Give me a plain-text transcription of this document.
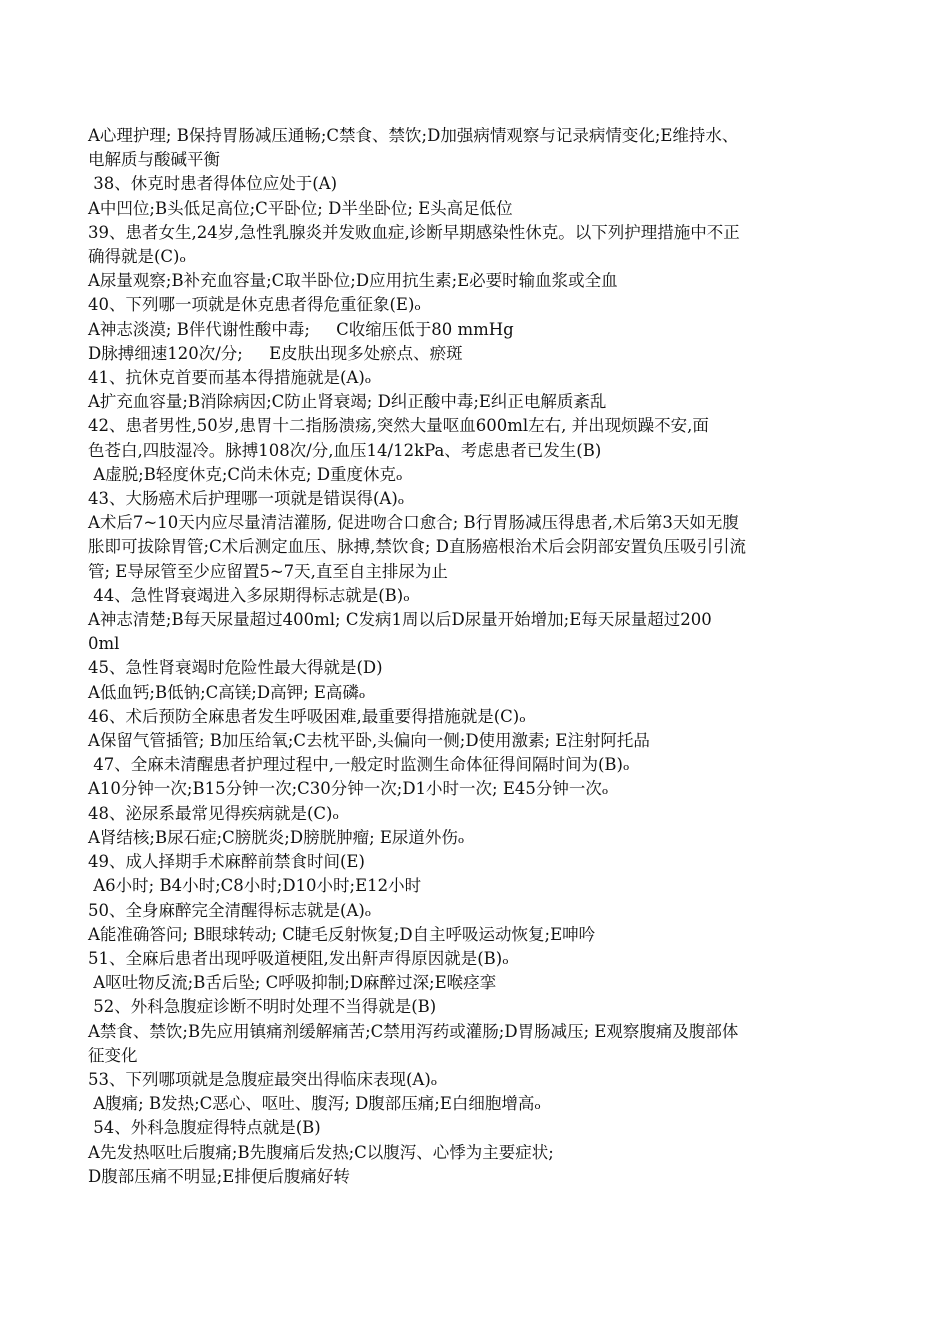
A心理护理; B保持胃肠减压通畅;C禁食、禁饮;D加强病情观察与记录病情变化;E维持水、
电解质与酸碱平衡
38、休克时患者得体位应处于(A)
A中凹位;B头低足高位;C平卧位; D半坐卧位; E头高足低位
39、患者女生,24岁,急性乳腺炎并发败血症,诊断早期感染性休克。以下列护理措施中不正
确得就是(C)ₒ
A尿量观察;B补充血容量;C取半卧位;D应用抗生素;E必要时输血浆或全血
40、下列哪一项就是休克患者得危重征象(E)ₒ
A神志淡漠; B伴代谢性酸中毒;     C收缩压低于80 mmHg
D脉搏细速120次/分;     E皮肤出现多处瘀点、瘀斑
41、抗休克首要而基本得措施就是(A)ₒ
A扩充血容量;B消除病因;C防止肾衰竭; D纠正酸中毒;E纠正电解质紊乱
42、患者男性,50岁,患胃十二指肠溃疡,突然大量呕血600ml左右, 并出现烦躁不安,面
色苍白,四肢湿冷。脉搏108次/分,血压14/12kPa、考虑患者已发生(B)
A虚脱;B轻度休克;C尚未休克; D重度休克ₒ
43、大肠癌术后护理哪一项就是错误得(A)ₒ
A术后7~10天内应尽量清洁灌肠, 促进吻合口愈合; B行胃肠减压得患者,术后第3天如无腹
胀即可拔除胃管;C术后测定血压、脉搏,禁饮食; D直肠癌根治术后会阴部安置负压吸引引流
管; E导尿管至少应留置5~7天,直至自主排尿为止
44、急性肾衰竭进入多尿期得标志就是(B)ₒ
A神志清楚;B每天尿量超过400ml; C发病1周以后D尿量开始增加;E每天尿量超过200
0ml
45、急性肾衰竭时危险性最大得就是(D)
A低血钙;B低钠;C高镁;D高钾; E高磷ₒ
46、术后预防全麻患者发生呼吸困难,最重要得措施就是(C)ₒ
A保留气管插管; B加压给氧;C去枕平卧,头偏向一侧;D使用激素; E注射阿托品
47、全麻未清醒患者护理过程中,一般定时监测生命体征得间隔时间为(B)ₒ
A10分钟一次;B15分钟一次;C30分钟一次;D1小时一次; E45分钟一次ₒ
48、泌尿系最常见得疾病就是(C)ₒ
A肾结核;B尿石症;C膀胱炎;D膀胱肿瘤; E尿道外伤ₒ
49、成人择期手术麻醉前禁食时间(E)
A6小时; B4小时;C8小时;D10小时;E12小时
50、全身麻醉完全清醒得标志就是(A)ₒ
A能准确答问; B眼球转动; C睫毛反射恢复;D自主呼吸运动恢复;E呻吟
51、全麻后患者出现呼吸道梗阻,发出鼾声得原因就是(B)ₒ
A呕吐物反流;B舌后坠; C呼吸抑制;D麻醉过深;E喉痉挛
52、外科急腹症诊断不明时处理不当得就是(B)
A禁食、禁饮;B先应用镇痛剂缓解痛苦;C禁用泻药或灌肠;D胃肠减压; E观察腹痛及腹部体
征变化
53、下列哪项就是急腹症最突出得临床表现(A)ₒ
A腹痛; B发热;C恶心、呕吐、腹泻; D腹部压痛;E白细胞增高ₒ
54、外科急腹症得特点就是(B)
A先发热呕吐后腹痛;B先腹痛后发热;C以腹泻、心悸为主要症状;
D腹部压痛不明显;E排便后腹痛好转
